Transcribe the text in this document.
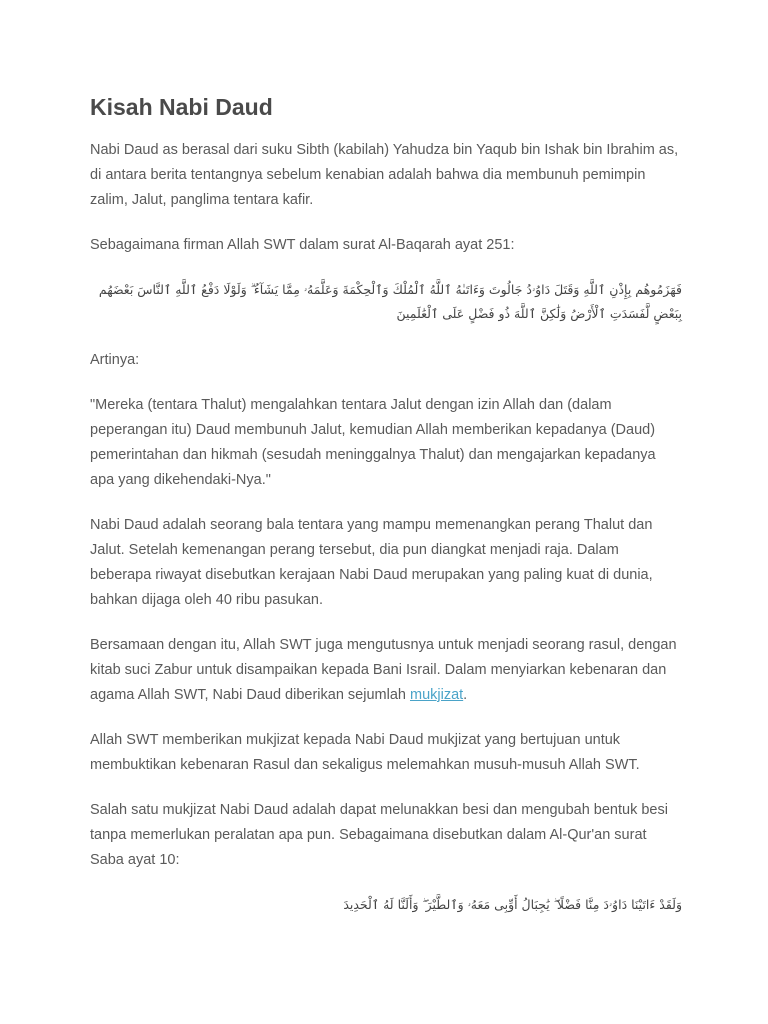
Kisah Nabi Daud

Nabi Daud as berasal dari suku Sibth (kabilah) Yahudza bin Yaqub bin Ishak bin Ibrahim as, di antara berita tentangnya sebelum kenabian adalah bahwa dia membunuh pemimpin zalim, Jalut, panglima tentara kafir.

Sebagaimana firman Allah SWT dalam surat Al-Baqarah ayat 251:

فَهَزَمُوهُم بِإِذْنِ ٱللَّهِ وَقَتَلَ دَاوُۥدُ جَالُوتَ وَءَاتَىٰهُ ٱللَّهُ ٱلْمُلْكَ وَٱلْحِكْمَةَ وَعَلَّمَهُۥ مِمَّا يَشَآءُ ۗ وَلَوْلَا دَفْعُ ٱللَّهِ ٱلنَّاسَ بَعْضَهُم بِبَعْضٍ لَّفَسَدَتِ ٱلْأَرْضُ وَلَٰكِنَّ ٱللَّهَ ذُو فَضْلٍ عَلَى ٱلْعَٰلَمِينَ

Artinya:

"Mereka (tentara Thalut) mengalahkan tentara Jalut dengan izin Allah dan (dalam peperangan itu) Daud membunuh Jalut, kemudian Allah memberikan kepadanya (Daud) pemerintahan dan hikmah (sesudah meninggalnya Thalut) dan mengajarkan kepadanya apa yang dikehendaki-Nya."

Nabi Daud adalah seorang bala tentara yang mampu memenangkan perang Thalut dan Jalut. Setelah kemenangan perang tersebut, dia pun diangkat menjadi raja. Dalam beberapa riwayat disebutkan kerajaan Nabi Daud merupakan yang paling kuat di dunia, bahkan dijaga oleh 40 ribu pasukan.

Bersamaan dengan itu, Allah SWT juga mengutusnya untuk menjadi seorang rasul, dengan kitab suci Zabur untuk disampaikan kepada Bani Israil. Dalam menyiarkan kebenaran dan agama Allah SWT, Nabi Daud diberikan sejumlah mukjizat.

Allah SWT memberikan mukjizat kepada Nabi Daud mukjizat yang bertujuan untuk membuktikan kebenaran Rasul dan sekaligus melemahkan musuh-musuh Allah SWT.

Salah satu mukjizat Nabi Daud adalah dapat melunakkan besi dan mengubah bentuk besi tanpa memerlukan peralatan apa pun. Sebagaimana disebutkan dalam Al-Qur'an surat Saba ayat 10:

وَلَقَدْ ءَاتَيْنَا دَاوُۥدَ مِنَّا فَضْلًا ۖ يَٰجِبَالُ أَوِّبِى مَعَهُۥ وَٱلطَّيْرَ ۖ وَأَلَنَّا لَهُ ٱلْحَدِيدَ
